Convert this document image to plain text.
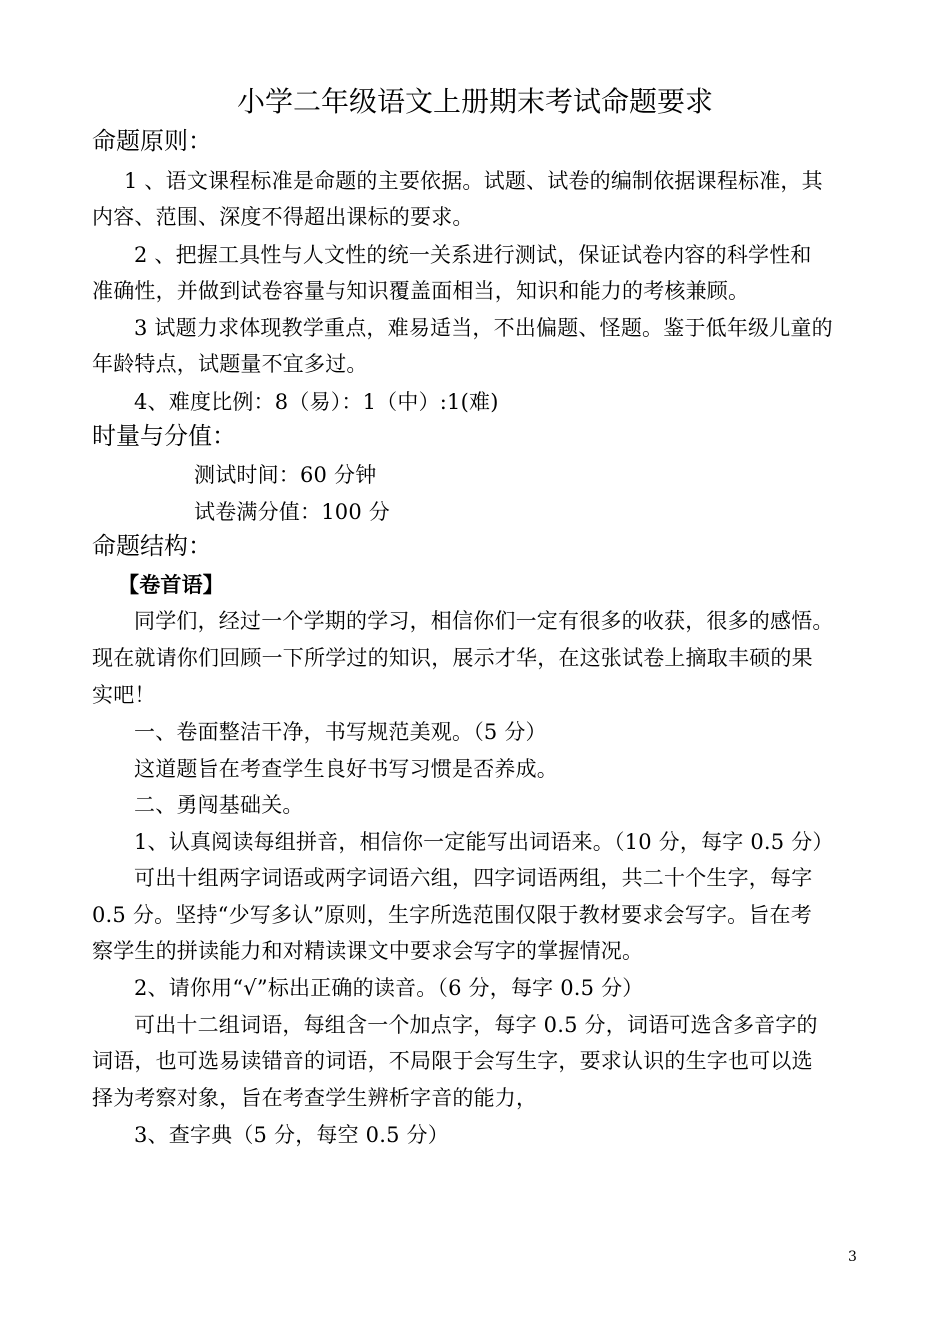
小学二年级语文上册期末考试命题要求
命题原则：
1 、语文课程标准是命题的主要依据。试题、试卷的编制依据课程标准，其
内容、范围、深度不得超出课标的要求。
2 、把握工具性与人文性的统一关系进行测试，保证试卷内容的科学性和
准确性，并做到试卷容量与知识覆盖面相当，知识和能力的考核兼顾。
3 试题力求体现教学重点，难易适当，不出偏题、怪题。鉴于低年级儿童的
年龄特点，试题量不宜多过。
4、难度比例：8（易）：1（中）:1(难)
时量与分值：
测试时间：60 分钟
试卷满分值：100 分
命题结构：
【卷首语】
同学们，经过一个学期的学习，相信你们一定有很多的收获，很多的感悟。
现在就请你们回顾一下所学过的知识，展示才华，在这张试卷上摘取丰硕的果
实吧！
一、卷面整洁干净，书写规范美观。（5 分）
这道题旨在考查学生良好书写习惯是否养成。
二、勇闯基础关。
1、认真阅读每组拼音，相信你一定能写出词语来。（10 分，每字 0.5 分）
可出十组两字词语或两字词语六组，四字词语两组，共二十个生字，每字
0.5 分。坚持“少写多认”原则，生字所选范围仅限于教材要求会写字。旨在考
察学生的拼读能力和对精读课文中要求会写字的掌握情况。
2、请你用“√”标出正确的读音。（6 分，每字 0.5 分）
可出十二组词语，每组含一个加点字，每字 0.5 分，词语可选含多音字的
词语，也可选易读错音的词语，不局限于会写生字，要求认识的生字也可以选
择为考察对象，旨在考查学生辨析字音的能力，
3、查字典（5 分，每空 0.5 分）
3
